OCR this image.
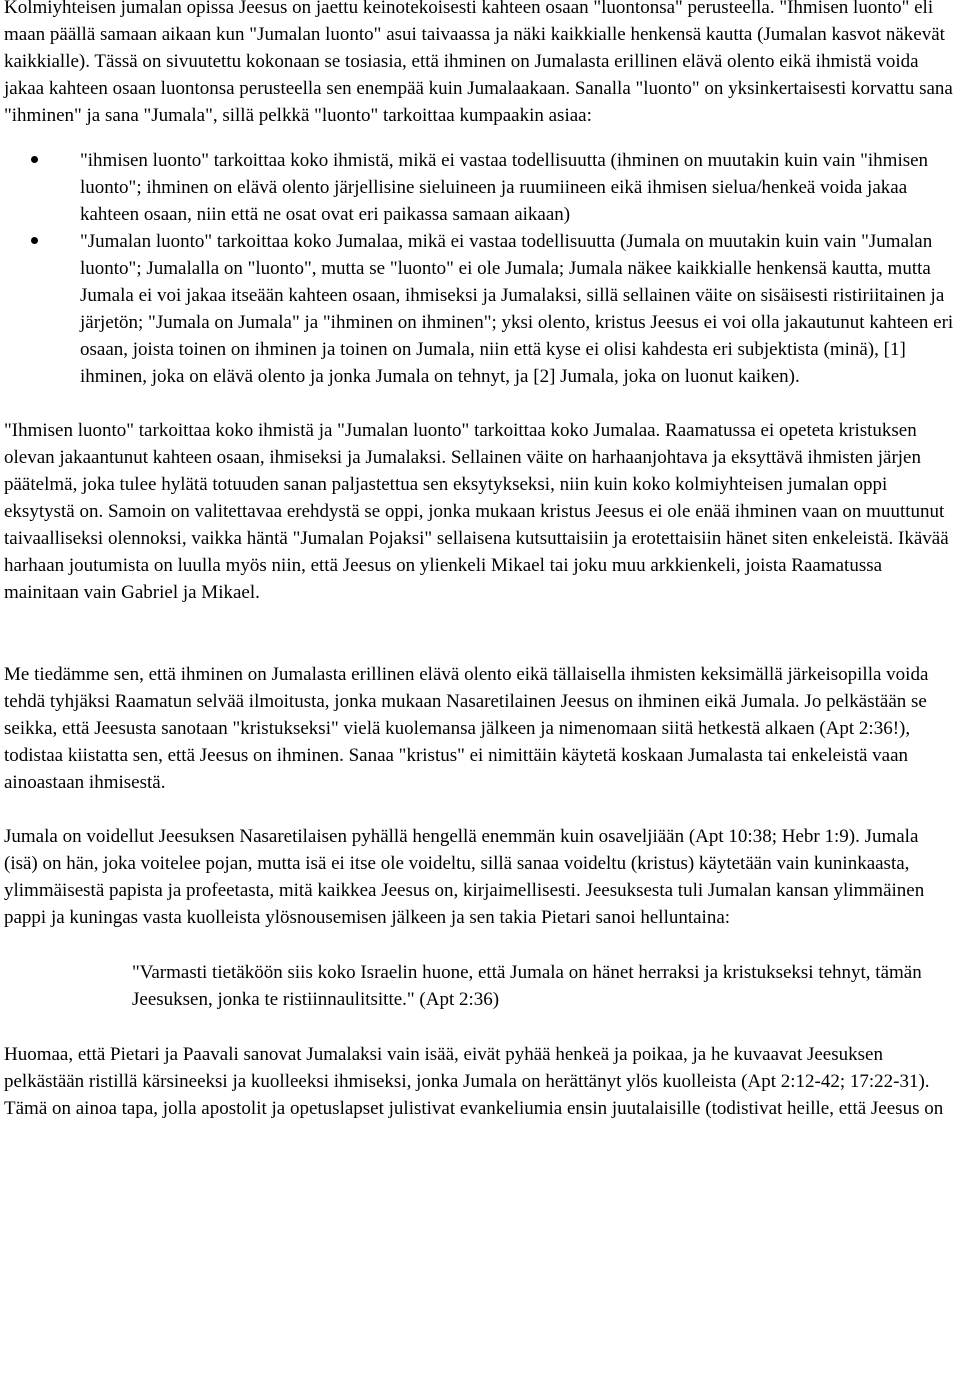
Kolmiyhteisen jumalan opissa Jeesus on jaettu keinotekoisesti kahteen osaan "luontonsa" perusteella. "Ihmisen luonto" eli maan päällä samaan aikaan kun "Jumalan luonto" asui taivaassa ja näki kaikkialle henkensä kautta (Jumalan kasvot näkevät kaikkialle). Tässä on sivuutettu kokonaan se tosiasia, että ihminen on Jumalasta erillinen elävä olento eikä ihmistä voida jakaa kahteen osaan luontonsa perusteella sen enempää kuin Jumalaakaan. Sanalla "luonto" on yksinkertaisesti korvattu sana "ihminen" ja sana "Jumala", sillä pelkkä "luonto" tarkoittaa kumpaakin asiaa:

"ihmisen luonto" tarkoittaa koko ihmistä, mikä ei vastaa todellisuutta (ihminen on muutakin kuin vain "ihmisen luonto"; ihminen on elävä olento järjellisine sieluineen ja ruumiineen eikä ihmisen sielua/henkeä voida jakaa kahteen osaan, niin että ne osat ovat eri paikassa samaan aikaan)
"Jumalan luonto" tarkoittaa koko Jumalaa, mikä ei vastaa todellisuutta (Jumala on muutakin kuin vain "Jumalan luonto"; Jumalalla on "luonto", mutta se "luonto" ei ole Jumala; Jumala näkee kaikkialle henkensä kautta, mutta Jumala ei voi jakaa itseään kahteen osaan, ihmiseksi ja Jumalaksi, sillä sellainen väite on sisäisesti ristiriitainen ja järjetön; "Jumala on Jumala" ja "ihminen on ihminen"; yksi olento, kristus Jeesus ei voi olla jakautunut kahteen eri osaan, joista toinen on ihminen ja toinen on Jumala, niin että kyse ei olisi kahdesta eri subjektista (minä), [1] ihminen, joka on elävä olento ja jonka Jumala on tehnyt, ja [2] Jumala, joka on luonut kaiken).

"Ihmisen luonto" tarkoittaa koko ihmistä ja "Jumalan luonto" tarkoittaa koko Jumalaa. Raamatussa ei opeteta kristuksen olevan jakaantunut kahteen osaan, ihmiseksi ja Jumalaksi. Sellainen väite on harhaanjohtava ja eksyttävä ihmisten järjen päätelmä, joka tulee hylätä totuuden sanan paljastettua sen eksytykseksi, niin kuin koko kolmiyhteisen jumalan oppi eksytystä on. Samoin on valitettavaa erehdystä se oppi, jonka mukaan kristus Jeesus ei ole enää ihminen vaan on muuttunut taivaalliseksi olennoksi, vaikka häntä "Jumalan Pojaksi" sellaisena kutsuttaisiin ja erotettaisiin hänet siten enkeleistä. Ikävää harhaan joutumista on luulla myös niin, että Jeesus on ylienkeli Mikael tai joku muu arkkienkeli, joista Raamatussa mainitaan vain Gabriel ja Mikael.

Me tiedämme sen, että ihminen on Jumalasta erillinen elävä olento eikä tällaisella ihmisten keksimällä järkeisopilla voida tehdä tyhjäksi Raamatun selvää ilmoitusta, jonka mukaan Nasaretilainen Jeesus on ihminen eikä Jumala. Jo pelkästään se seikka, että Jeesusta sanotaan "kristukseksi" vielä kuolemansa jälkeen ja nimenomaan siitä hetkestä alkaen (Apt 2:36!), todistaa kiistatta sen, että Jeesus on ihminen. Sanaa "kristus" ei nimittäin käytetä koskaan Jumalasta tai enkeleistä vaan ainoastaan ihmisestä.

Jumala on voidellut Jeesuksen Nasaretilaisen pyhällä hengellä enemmän kuin osaveljiään (Apt 10:38; Hebr 1:9). Jumala (isä) on hän, joka voitelee pojan, mutta isä ei itse ole voideltu, sillä sanaa voideltu (kristus) käytetään vain kuninkaasta, ylimmäisestä papista ja profeetasta, mitä kaikkea Jeesus on, kirjaimellisesti. Jeesuksesta tuli Jumalan kansan ylimmäinen pappi ja kuningas vasta kuolleista ylösnousemisen jälkeen ja sen takia Pietari sanoi helluntaina:

"Varmasti tietäköön siis koko Israelin huone, että Jumala on hänet herraksi ja kristukseksi tehnyt, tämän Jeesuksen, jonka te ristiinnaulitsitte." (Apt 2:36)

Huomaa, että Pietari ja Paavali sanovat Jumalaksi vain isää, eivät pyhää henkeä ja poikaa, ja he kuvaavat Jeesuksen pelkästään ristillä kärsineeksi ja kuolleeksi ihmiseksi, jonka Jumala on herättänyt ylös kuolleista (Apt 2:12-42; 17:22-31). Tämä on ainoa tapa, jolla apostolit ja opetuslapset julistivat evankeliumia ensin juutalaisille (todistivat heille, että Jeesus on
